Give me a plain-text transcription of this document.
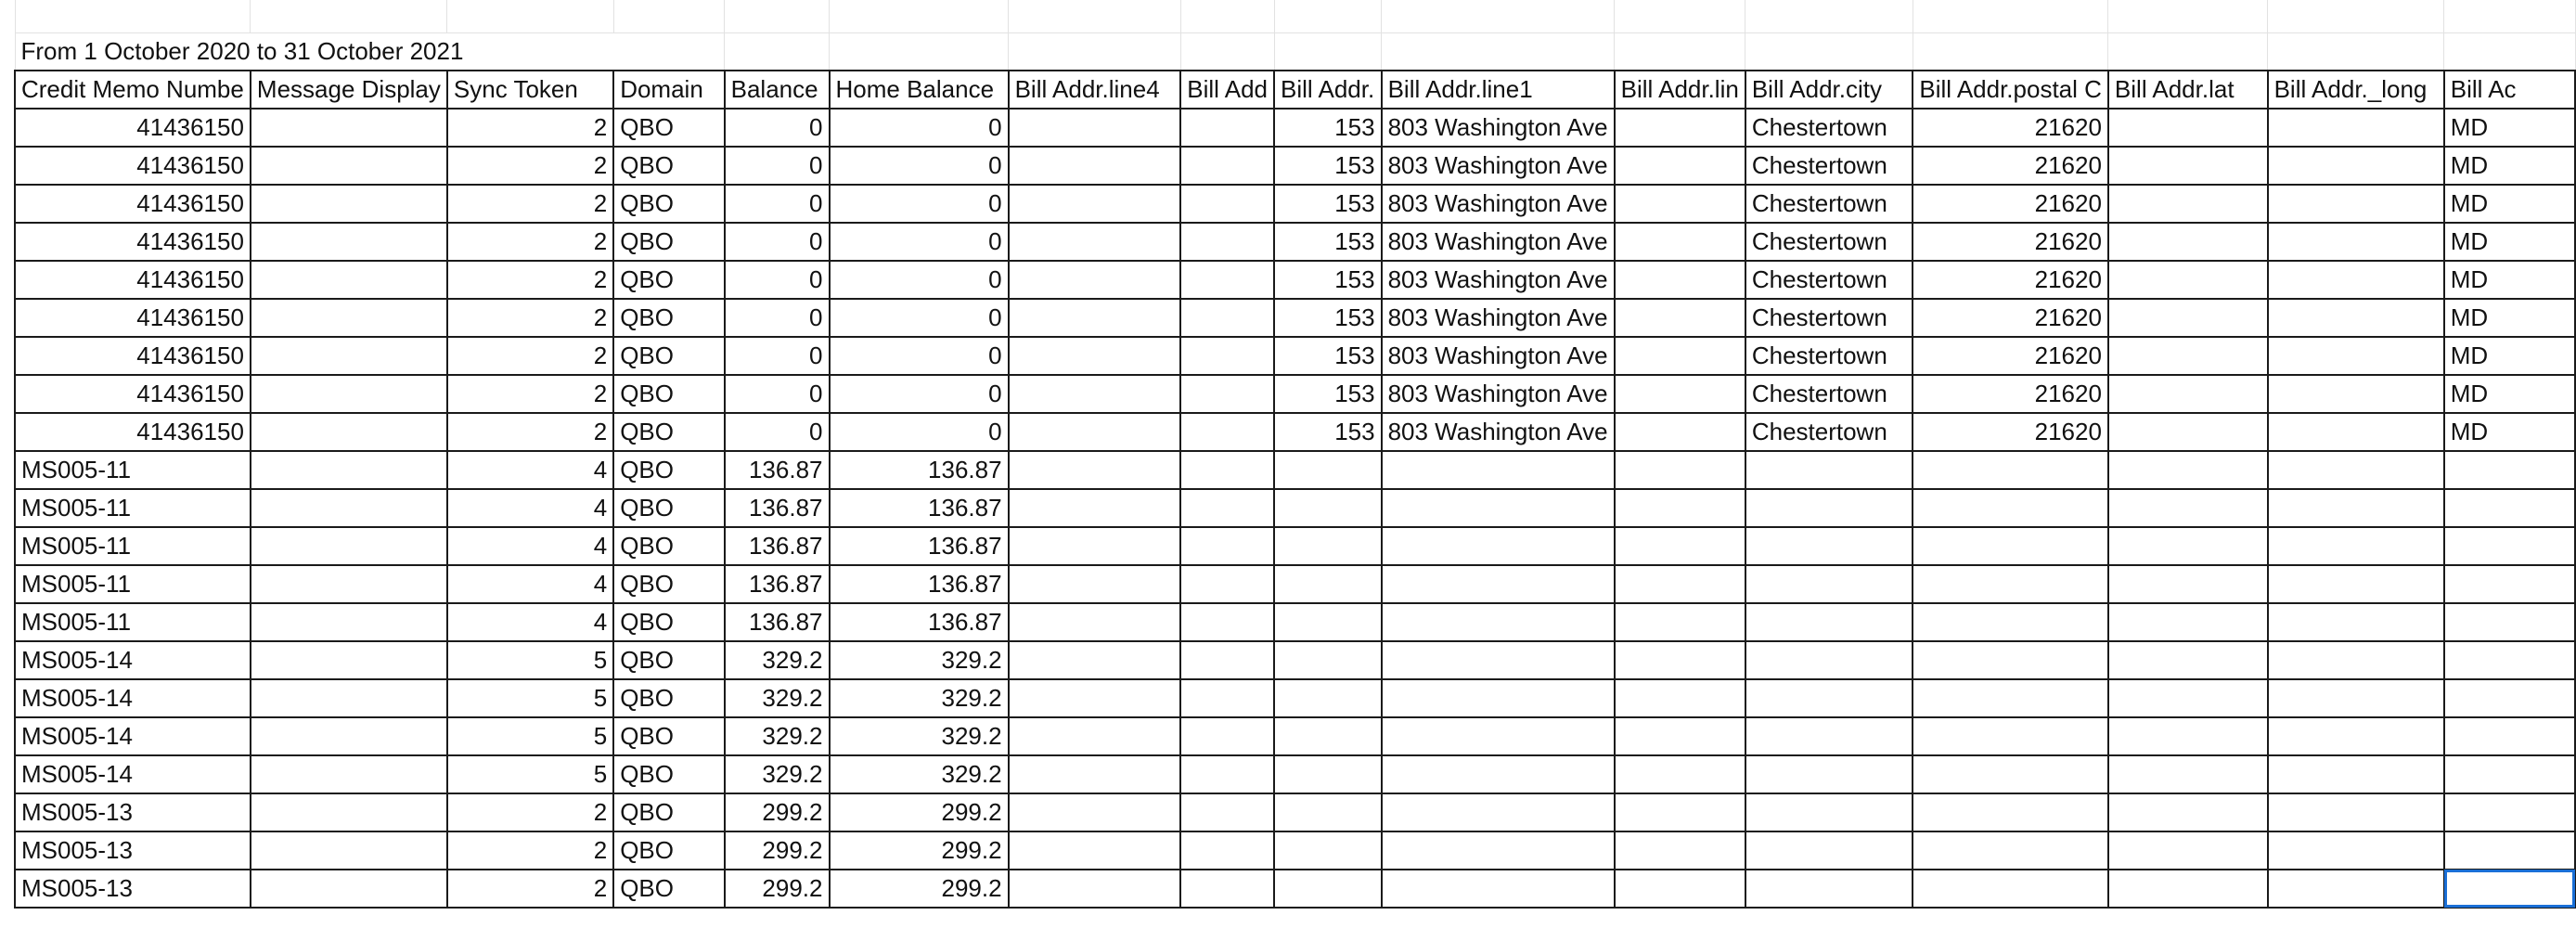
From 1 October 2020 to 31 October 2021															
Credit Memo Numbe	Message Display	Sync Token	Domain	Balance	Home Balance	Bill Addr.line4	Bill Add	Bill Addr.	Bill Addr.line1	Bill Addr.lin	Bill Addr.city	Bill Addr.postal C	Bill Addr.lat	Bill Addr._long	Bill Ac
41436150		2	QBO	0	0			153	803 Washington Ave		Chestertown	21620			MD
41436150		2	QBO	0	0			153	803 Washington Ave		Chestertown	21620			MD
41436150		2	QBO	0	0			153	803 Washington Ave		Chestertown	21620			MD
41436150		2	QBO	0	0			153	803 Washington Ave		Chestertown	21620			MD
41436150		2	QBO	0	0			153	803 Washington Ave		Chestertown	21620			MD
41436150		2	QBO	0	0			153	803 Washington Ave		Chestertown	21620			MD
41436150		2	QBO	0	0			153	803 Washington Ave		Chestertown	21620			MD
41436150		2	QBO	0	0			153	803 Washington Ave		Chestertown	21620			MD
41436150		2	QBO	0	0			153	803 Washington Ave		Chestertown	21620			MD
MS005-11		4	QBO	136.87	136.87										
MS005-11		4	QBO	136.87	136.87										
MS005-11		4	QBO	136.87	136.87										
MS005-11		4	QBO	136.87	136.87										
MS005-11		4	QBO	136.87	136.87										
MS005-14		5	QBO	329.2	329.2										
MS005-14		5	QBO	329.2	329.2										
MS005-14		5	QBO	329.2	329.2										
MS005-14		5	QBO	329.2	329.2										
MS005-13		2	QBO	299.2	299.2										
MS005-13		2	QBO	299.2	299.2										
MS005-13		2	QBO	299.2	299.2										
